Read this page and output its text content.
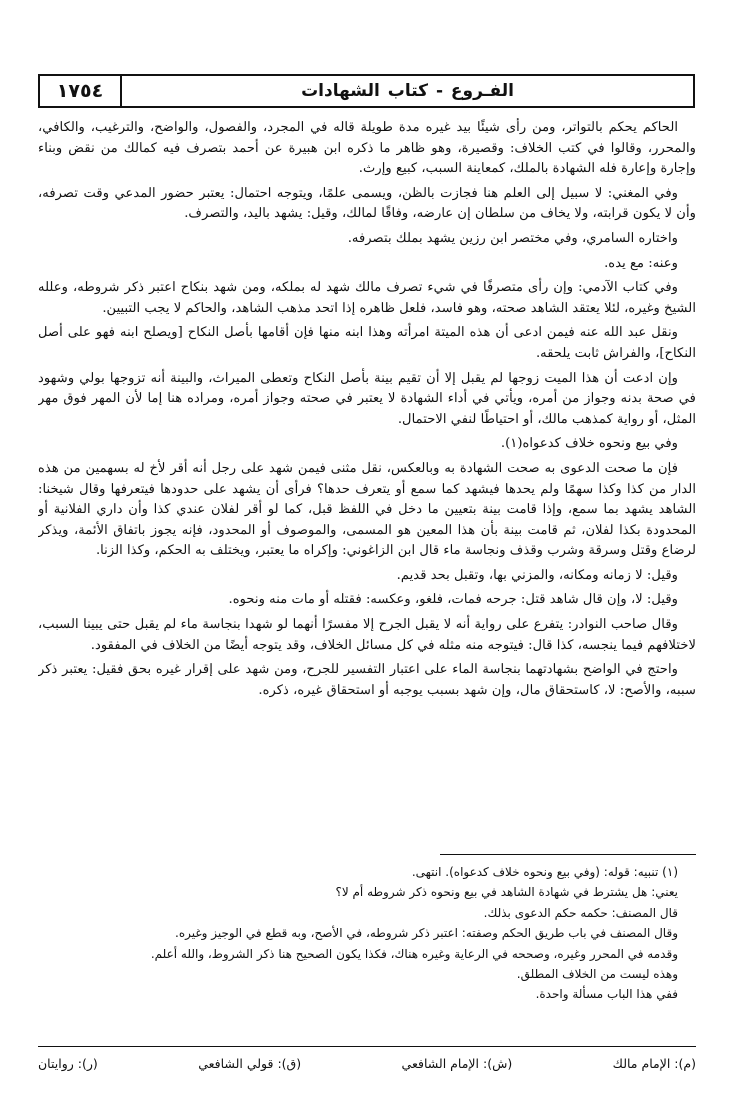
١٧٥٤	الفـروع - كتاب الشهادات

الحاكم يحكم بالتواتر، ومن رأى شيئًا بيد غيره مدة طويلة قاله في المجرد، والفصول، والواضح، والترغيب، والكافي، والمحرر، وقالوا في كتب الخلاف: وقصيرة، وهو ظاهر ما ذكره ابن هبيرة عن أحمد بتصرف فيه كمالك من نقض وبناء وإجارة وإعارة فله الشهادة بالملك، كمعاينة السبب، كبيع وإرث.

وفي المغني: لا سبيل إلى العلم هنا فجازت بالظن، ويسمى علمًا، ويتوجه احتمال: يعتبر حضور المدعي وقت تصرفه، وأن لا يكون قرابته، ولا يخاف من سلطان إن عارضه، وفاقًا لمالك، وقيل: يشهد باليد، والتصرف.

واختاره السامري، وفي مختصر ابن رزين يشهد بملك بتصرفه.

وعنه: مع يده.

وفي كتاب الآدمي: وإن رأى متصرفًا في شيء تصرف مالك شهد له بملكه، ومن شهد بنكاح اعتبر ذكر شروطه، وعلله الشيخ وغيره، لئلا يعتقد الشاهد صحته، وهو فاسد، فلعل ظاهره إذا اتحد مذهب الشاهد، والحاكم لا يجب التبيين.

ونقل عبد الله عنه فيمن ادعى أن هذه الميتة امرأته وهذا ابنه منها فإن أقامها بأصل النكاح [ويصلح ابنه فهو على أصل النكاح]، والفراش ثابت يلحقه.

وإن ادعت أن هذا الميت زوجها لم يقبل إلا أن تقيم بينة بأصل النكاح وتعطى الميراث، والبينة أنه تزوجها بولي وشهود في صحة بدنه وجواز من أمره، ويأتي في أداء الشهادة لا يعتبر في صحته وجواز أمره، ومراده هنا إما لأن المهر فوق مهر المثل، أو رواية كمذهب مالك، أو احتياطًا لنفي الاحتمال.

وفي بيع ونحوه خلاف كدعواه(١).

فإن ما صحت الدعوى به صحت الشهادة به وبالعكس، نقل مثنى فيمن شهد على رجل أنه أقر لأخ له بسهمين من هذه الدار من كذا وكذا سهمًا ولم يحدها فيشهد كما سمع أو يتعرف حدها؟ فرأى أن يشهد على حدودها فيتعرفها وقال شيخنا: الشاهد يشهد بما سمع، وإذا قامت بينة بتعيين ما دخل في اللفظ قبل، كما لو أقر لفلان عندي كذا وأن داري الفلانية أو المحدودة بكذا لفلان، ثم قامت بينة بأن هذا المعين هو المسمى، والموصوف أو المحدود، فإنه يجوز باتفاق الأئمة، ويذكر لرضاع وقتل وسرقة وشرب وقذف ونجاسة ماء قال ابن الزاغوني: وإكراه ما يعتبر، ويختلف به الحكم، وكذا الزنا.

وقيل: لا زمانه ومكانه، والمزني بها، وتقبل بحد قديم.

وقيل: لا، وإن قال شاهد قتل: جرحه فمات، فلغو، وعكسه: فقتله أو مات منه ونحوه.

وقال صاحب النوادر: يتفرع على رواية أنه لا يقبل الجرح إلا مفسرًا أنهما لو شهدا بنجاسة ماء لم يقبل حتى يبينا السبب، لاختلافهم فيما ينجسه، كذا قال: فيتوجه منه مثله في كل مسائل الخلاف، وقد يتوجه أيضًا من الخلاف في المفقود.

واحتج في الواضح بشهادتهما بنجاسة الماء على اعتبار التفسير للجرح، ومن شهد على إقرار غيره بحق فقيل: يعتبر ذكر سببه، والأصح: لا، كاستحقاق مال، وإن شهد بسبب يوجبه أو استحقاق غيره، ذكره.

(١) تنبيه: قوله: (وفي بيع ونحوه خلاف كدعواه). انتهى.
يعني: هل يشترط في شهادة الشاهد في بيع ونحوه ذكر شروطه أم لا؟
قال المصنف: حكمه حكم الدعوى بذلك.
وقال المصنف في باب طريق الحكم وصفته: اعتبر ذكر شروطه، في الأصح، وبه قطع في الوجيز وغيره.
وقدمه في المحرر وغيره، وصححه في الرعاية وغيره هناك، فكذا يكون الصحيح هنا ذكر الشروط، والله أعلم.
وهذه ليست من الخلاف المطلق.
ففي هذا الباب مسألة واحدة.
(م): الإمام مالك
(ش): الإمام الشافعي
(ق): قولي الشافعي
(ر): روايتان
